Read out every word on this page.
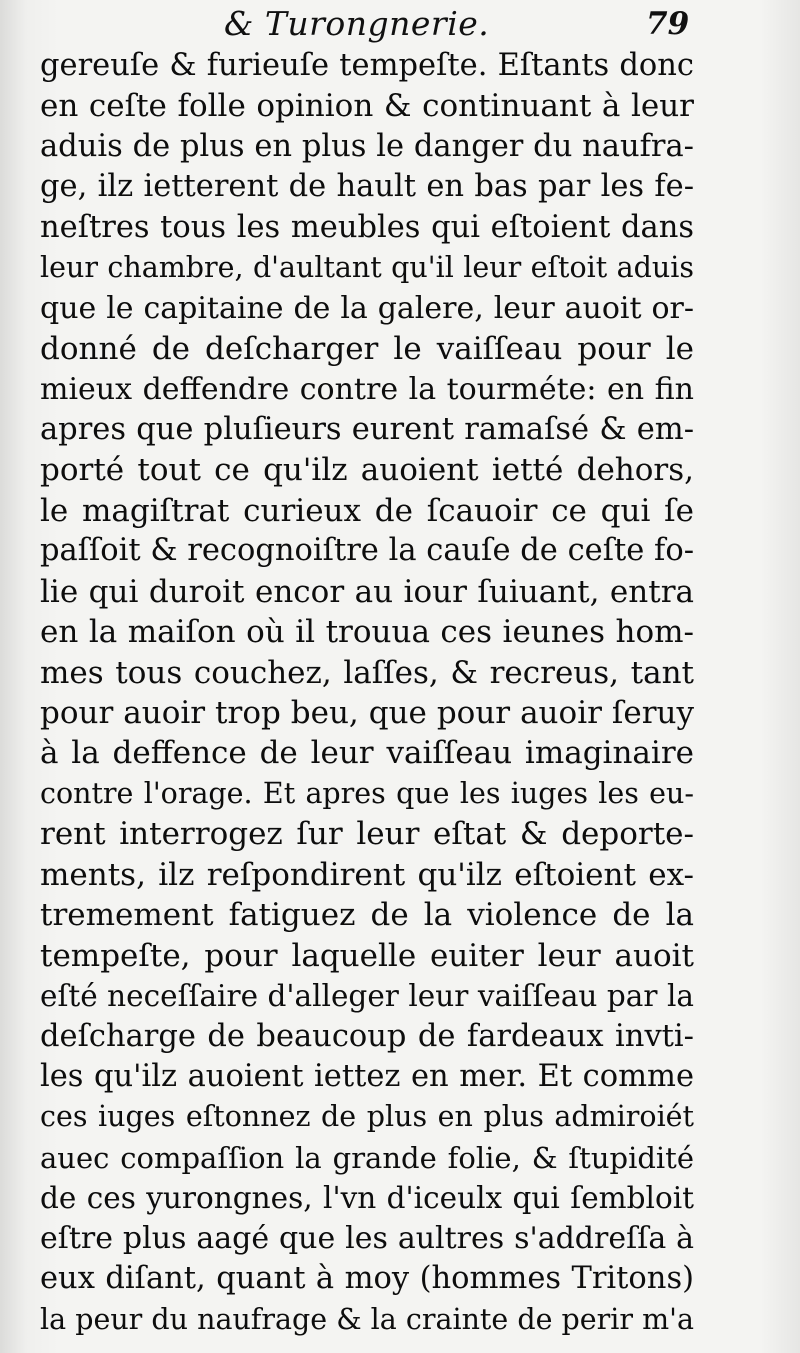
& Turongnerie.	79
gereuſe & furieuſe tempeſte. Eſtants donc
en ceſte folle opinion & continuant à leur
aduis de plus en plus le danger du naufra-
ge, ilz ietterent de hault en bas par les fe-
neſtres tous les meubles qui eſtoient dans
leur chambre, d'aultant qu'il leur eſtoit aduis
que le capitaine de la galere, leur auoit or-
donné de deſcharger le vaiſſeau pour le
mieux deffendre contre la tourméte: en fin
apres que pluſieurs eurent ramaſsé & em-
porté tout ce qu'ilz auoient ietté dehors,
le magiſtrat curieux de ſcauoir ce qui ſe
paſſoit & recognoiſtre la cauſe de ceſte fo-
lie qui duroit encor au iour ſuiuant, entra
en la maiſon où il trouua ces ieunes hom-
mes tous couchez, laſſes, & recreus, tant
pour auoir trop beu, que pour auoir ſeruy
à la deffence de leur vaiſſeau imaginaire
contre l'orage. Et apres que les iuges les eu-
rent interrogez ſur leur eſtat & deporte-
ments, ilz reſpondirent qu'ilz eſtoient ex-
tremement fatiguez de la violence de la
tempeſte, pour laquelle euiter leur auoit
eſté neceſſaire d'alleger leur vaiſſeau par la
deſcharge de beaucoup de fardeaux invti-
les qu'ilz auoient iettez en mer. Et comme
ces iuges eſtonnez de plus en plus admiroiét
auec compaſſion la grande folie, & ſtupidité
de ces yurongnes, l'vn d'iceulx qui ſembloit
eſtre plus aagé que les aultres s'addreſſa à
eux diſant, quant à moy (hommes Tritons)
la peur du naufrage & la crainte de perir m'a
